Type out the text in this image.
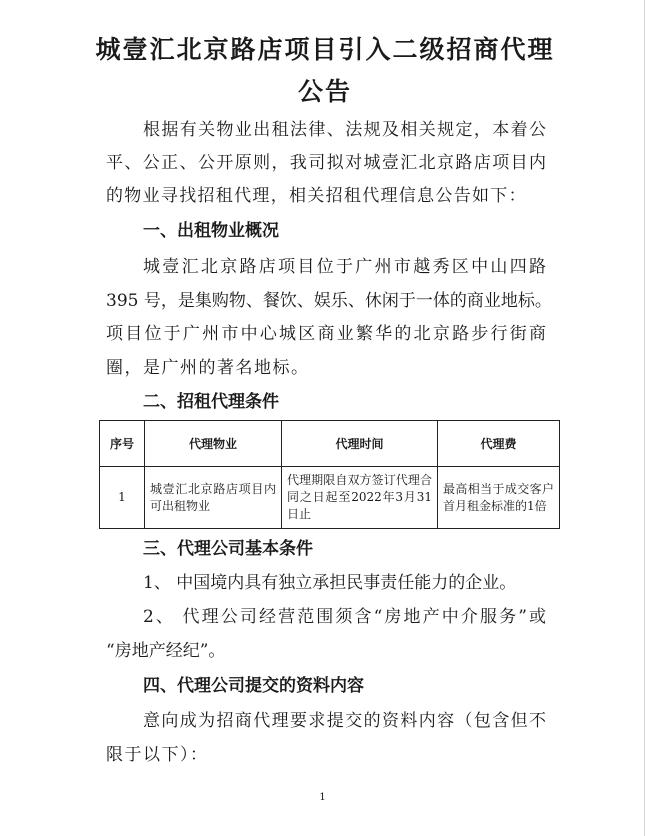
城壹汇北京路店项目引入二级招商代理
公告
根据有关物业出租法律、法规及相关规定，本着公
平、公正、公开原则，我司拟对城壹汇北京路店项目内
的物业寻找招租代理，相关招租代理信息公告如下：
一、出租物业概况
城壹汇北京路店项目位于广州市越秀区中山四路
395 号，是集购物、餐饮、娱乐、休闲于一体的商业地标。
项目位于广州市中心城区商业繁华的北京路步行街商
圈，是广州的著名地标。
二、招租代理条件
序号	代理物业	代理时间	代理费
1	城壹汇北京路店项目内可出租物业	代理期限自双方签订代理合同之日起至2022年3月31日止	最高相当于成交客户首月租金标准的1倍
三、代理公司基本条件
1、 中国境内具有独立承担民事责任能力的企业。
2、 代理公司经营范围须含“房地产中介服务”或
“房地产经纪”。
四、代理公司提交的资料内容
意向成为招商代理要求提交的资料内容（包含但不
限于以下）：
1
